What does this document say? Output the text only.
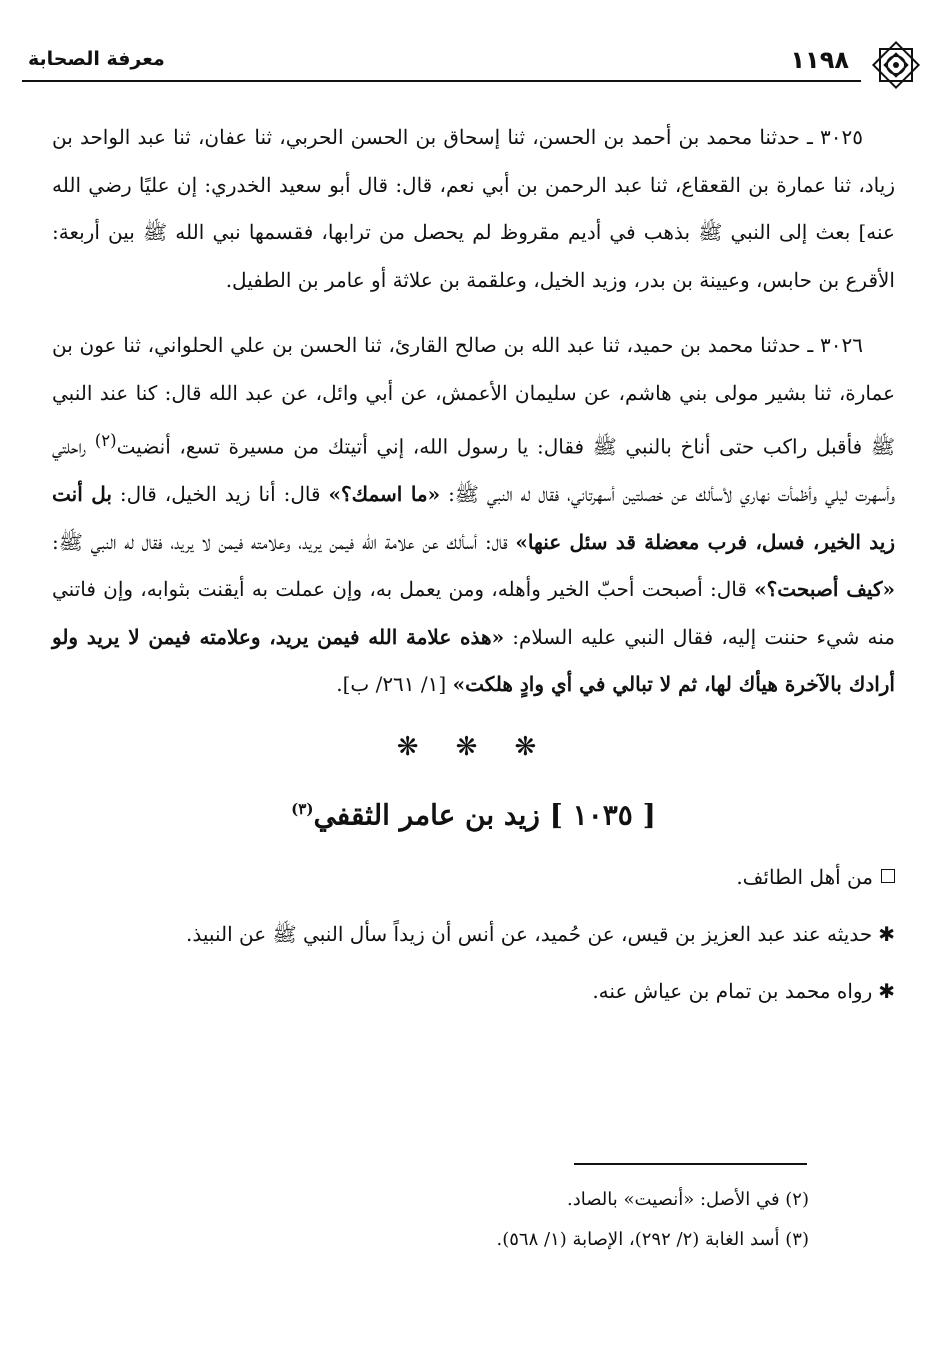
١١٩٨
معرفة الصحابة

٣٠٢٥ ـ حدثنا محمد بن أحمد بن الحسن، ثنا إسحاق بن الحسن الحربي، ثنا عفان، ثنا عبد الواحد بن زياد، ثنا عمارة بن القعقاع، ثنا عبد الرحمن بن أبي نعم، قال: قال أبو سعيد الخدري: إن عليًا رضي الله عنه] بعث إلى النبي ﷺ بذهب في أديم مقروظ لم يحصل من ترابها، فقسمها نبي الله ﷺ بين أربعة: الأقرع بن حابس، وعيينة بن بدر، وزيد الخيل، وعلقمة بن علاثة أو عامر بن الطفيل.

٣٠٢٦ ـ حدثنا محمد بن حميد، ثنا عبد الله بن صالح القارئ، ثنا الحسن بن علي الحلواني، ثنا عون بن عمارة، ثنا بشير مولى بني هاشم، عن سليمان الأعمش، عن أبي وائل، عن عبد الله قال: كنا عند النبي ﷺ فأقبل راكب حتى أناخ بالنبي ﷺ فقال: يا رسول الله، إني أتيتك من مسيرة تسع، أنضيت$^{(٢)}$ راحلتي وأسهرت ليلي وأظمأت نهاري لأسألك عن خصلتين أسهرتاني، فقال له النبي ﷺ: «ما اسمك؟» قال: أنا زيد الخيل، قال: بل أنت زيد الخير، فسل، فرب معضلة قد سئل عنها» قال: أسألك عن علامة الله فيمن يريد، وعلامته فيمن لا يريد، فقال له النبي ﷺ: «كيف أصبحت؟» قال: أصبحت أحبّ الخير وأهله، ومن يعمل به، وإن عملت به أيقنت بثوابه، وإن فاتني منه شيء حننت إليه، فقال النبي عليه السلام: «هذه علامة الله فيمن يريد، وعلامته فيمن لا يريد ولو أرادك بالآخرة هيأك لها، ثم لا تبالي في أي وادٍ هلكت» [١/ ٢٦١/ ب].

❋ ❋ ❋
[ ١٠٣٥ ] زيد بن عامر الثقفي$^{(٣)}$

من أهل الطائف.

✱حديثه عند عبد العزيز بن قيس، عن حُميد، عن أنس أن زيداً سأل النبي ﷺ عن النبيذ.

✱رواه محمد بن تمام بن عياش عنه.

(٢) في الأصل: «أنصيت» بالصاد.

(٣) أسد الغابة (٢/ ٢٩٢)، الإصابة (١/ ٥٦٨).
